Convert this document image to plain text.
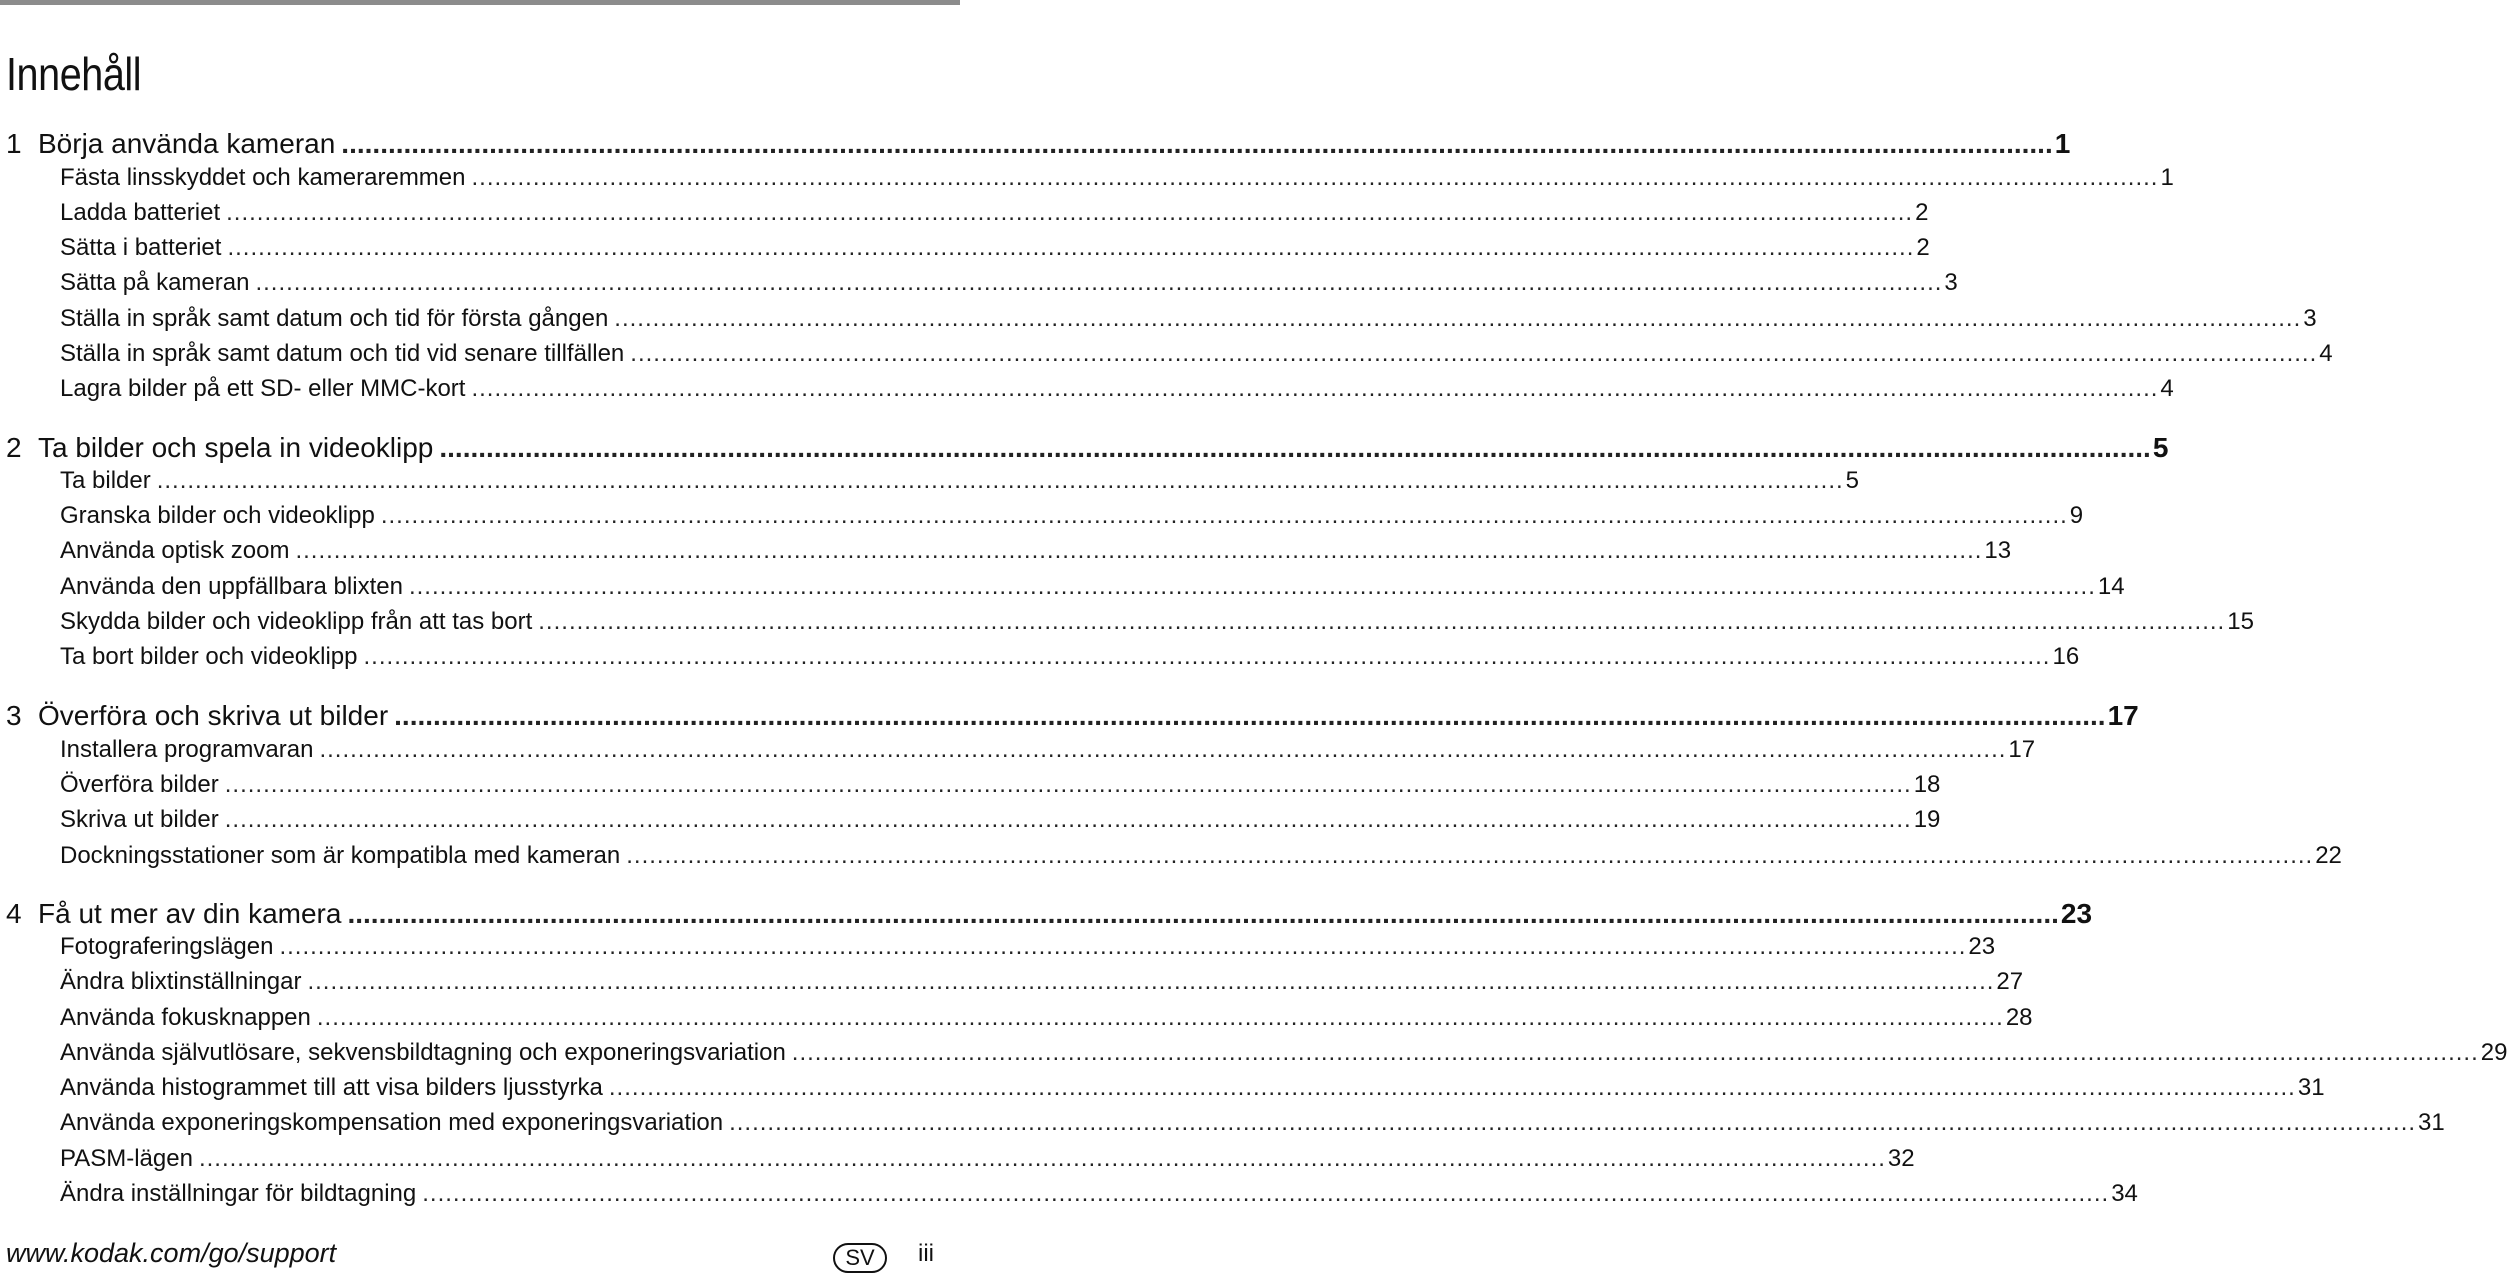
Innehåll
1 Börja använda kameran ............................................................................................................................................................................................................................ 1
Fästa linsskyddet och kameraremmen ............................................................................................................................................................................................................................ 1
Ladda batteriet ............................................................................................................................................................................................................................ 2
Sätta i batteriet ............................................................................................................................................................................................................................ 2
Sätta på kameran ............................................................................................................................................................................................................................ 3
Ställa in språk samt datum och tid för första gången ............................................................................................................................................................................................................................ 3
Ställa in språk samt datum och tid vid senare tillfällen ............................................................................................................................................................................................................................ 4
Lagra bilder på ett SD- eller MMC-kort ............................................................................................................................................................................................................................ 4
2 Ta bilder och spela in videoklipp ............................................................................................................................................................................................................................ 5
Ta bilder ............................................................................................................................................................................................................................ 5
Granska bilder och videoklipp ............................................................................................................................................................................................................................ 9
Använda optisk zoom ............................................................................................................................................................................................................................ 13
Använda den uppfällbara blixten ............................................................................................................................................................................................................................ 14
Skydda bilder och videoklipp från att tas bort ............................................................................................................................................................................................................................ 15
Ta bort bilder och videoklipp ............................................................................................................................................................................................................................ 16
3 Överföra och skriva ut bilder ............................................................................................................................................................................................................................ 17
Installera programvaran ............................................................................................................................................................................................................................ 17
Överföra bilder ............................................................................................................................................................................................................................ 18
Skriva ut bilder ............................................................................................................................................................................................................................ 19
Dockningsstationer som är kompatibla med kameran ............................................................................................................................................................................................................................ 22
4 Få ut mer av din kamera ............................................................................................................................................................................................................................ 23
Fotograferingslägen ............................................................................................................................................................................................................................ 23
Ändra blixtinställningar ............................................................................................................................................................................................................................ 27
Använda fokusknappen ............................................................................................................................................................................................................................ 28
Använda självutlösare, sekvensbildtagning och exponeringsvariation ............................................................................................................................................................................................................................ 29
Använda histogrammet till att visa bilders ljusstyrka ............................................................................................................................................................................................................................ 31
Använda exponeringskompensation med exponeringsvariation ............................................................................................................................................................................................................................ 31
PASM-lägen ............................................................................................................................................................................................................................ 32
Ändra inställningar för bildtagning ............................................................................................................................................................................................................................ 34
www.kodak.com/go/support	SV	iii
